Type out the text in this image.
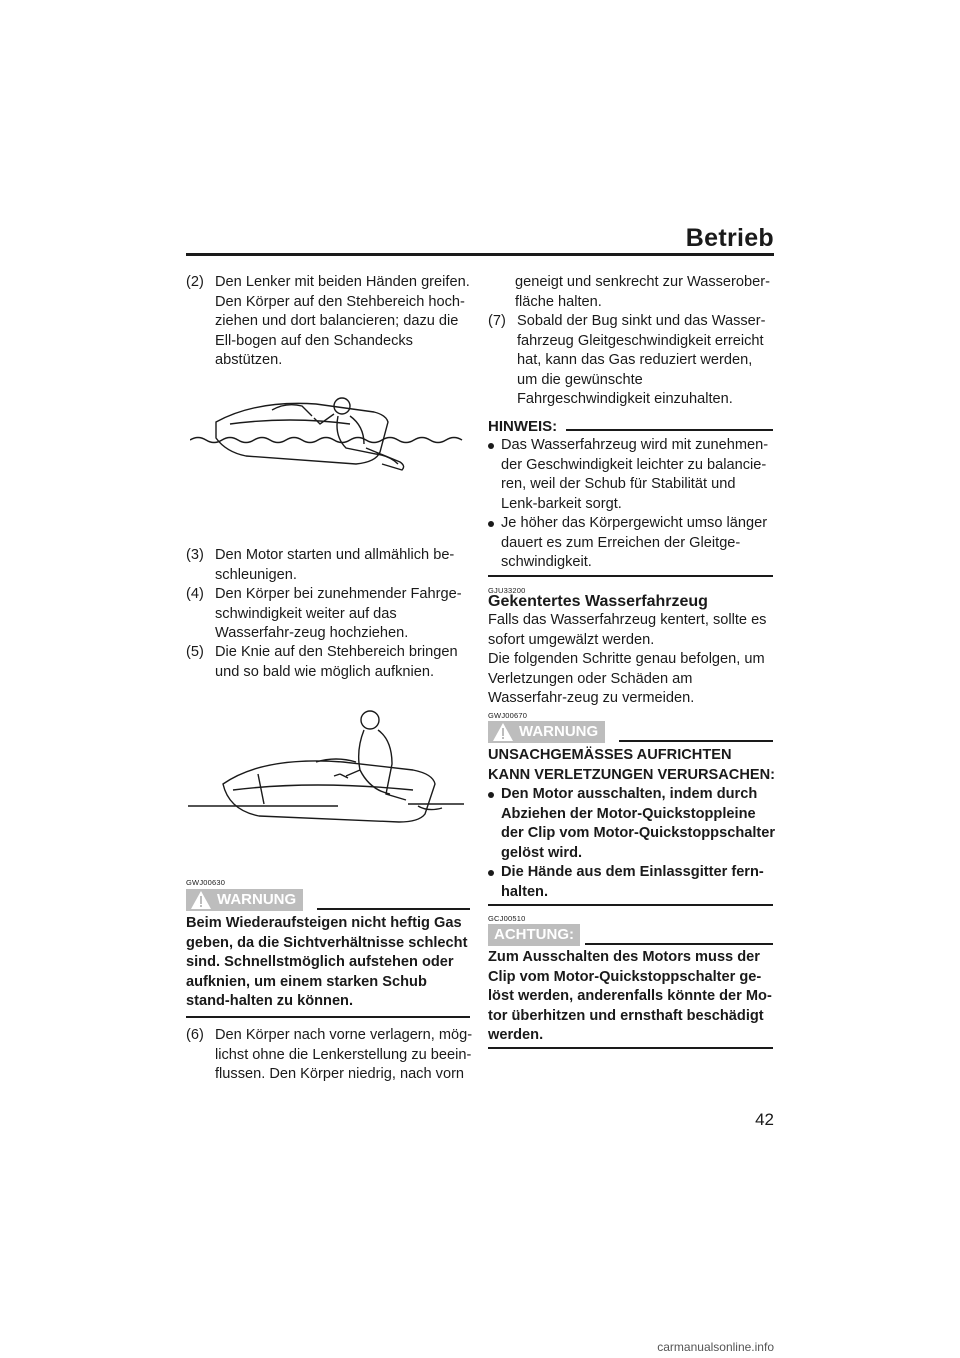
Betrieb
(2) Den Lenker mit beiden Händen greifen. Den Körper auf den Stehbereich hoch-ziehen und dort balancieren; dazu die Ell-bogen auf den Schandecks abstützen.
(3) Den Motor starten und allmählich be-schleunigen.
(4) Den Körper bei zunehmender Fahrge-schwindigkeit weiter auf das Wasserfahr-zeug hochziehen.
(5) Die Knie auf den Stehbereich bringen und so bald wie möglich aufknien.
GWJ00630
WARNUNG
Beim Wiederaufsteigen nicht heftig Gas geben, da die Sichtverhältnisse schlecht sind. Schnellstmöglich aufstehen oder aufknien, um einem starken Schub stand-halten zu können.
(6) Den Körper nach vorne verlagern, mög-lichst ohne die Lenkerstellung zu beein-flussen. Den Körper niedrig, nach vorn
geneigt und senkrecht zur Wasserober-fläche halten.
(7) Sobald der Bug sinkt und das Wasser-fahrzeug Gleitgeschwindigkeit erreicht hat, kann das Gas reduziert werden, um die gewünschte Fahrgeschwindigkeit einzuhalten.
HINWEIS:
Das Wasserfahrzeug wird mit zunehmen-der Geschwindigkeit leichter zu balancie-ren, weil der Schub für Stabilität und Lenk-barkeit sorgt.
Je höher das Körpergewicht umso länger dauert es zum Erreichen der Gleitge-schwindigkeit.
GJU33200
Gekentertes Wasserfahrzeug
Falls das Wasserfahrzeug kentert, sollte es sofort umgewälzt werden.
Die folgenden Schritte genau befolgen, um Verletzungen oder Schäden am Wasserfahr-zeug zu vermeiden.
GWJ00670
WARNUNG
UNSACHGEMÄSSES AUFRICHTEN KANN VERLETZUNGEN VERURSACHEN:
Den Motor ausschalten, indem durch Abziehen der Motor-Quickstoppleine der Clip vom Motor-Quickstoppschalter gelöst wird.
Die Hände aus dem Einlassgitter fern-halten.
GCJ00510
ACHTUNG:
Zum Ausschalten des Motors muss der Clip vom Motor-Quickstoppschalter ge-löst werden, anderenfalls könnte der Mo-tor überhitzen und ernsthaft beschädigt werden.
42
carmanualsonline.info
